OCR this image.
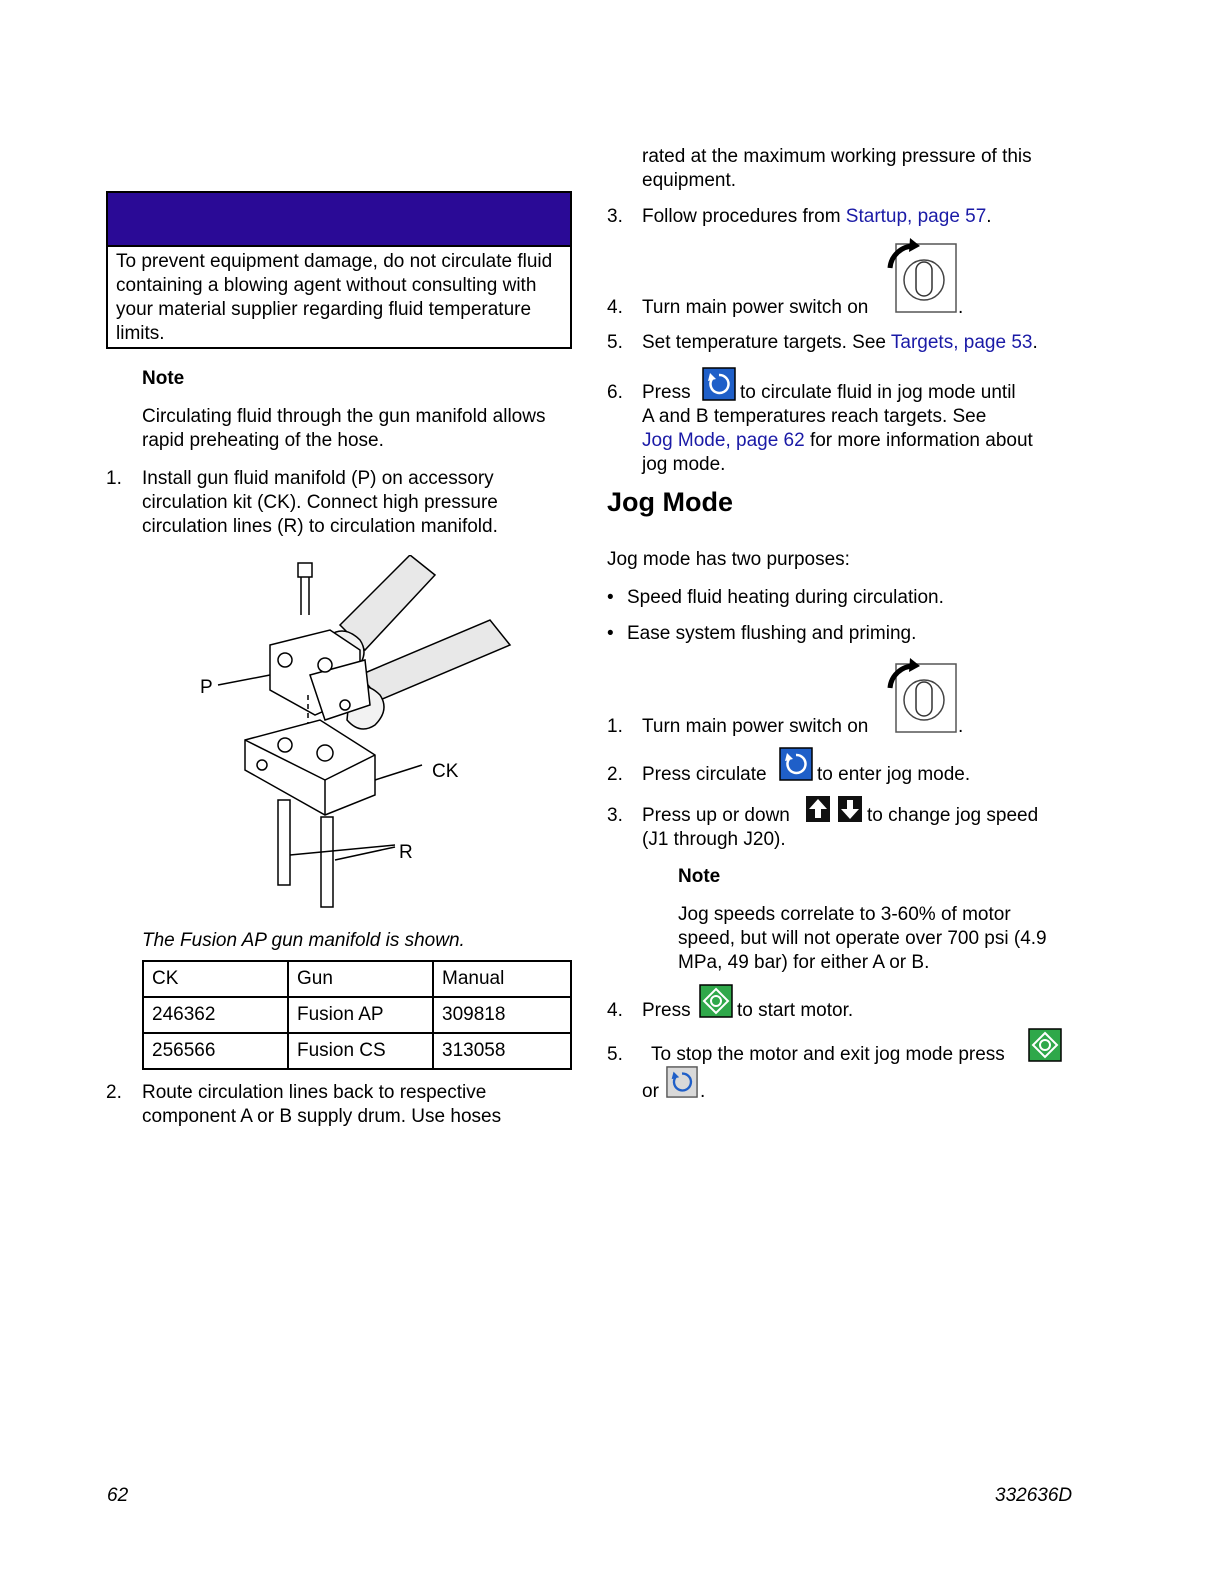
To prevent equipment damage, do not circulate fluid containing a blowing agent without consulting with your material supplier regarding fluid temperature limits.
Note
Circulating fluid through the gun manifold allows rapid preheating of the hose.
1. Install gun fluid manifold (P) on accessory circulation kit (CK). Connect high pressure circulation lines (R) to circulation manifold.
P
CK
R
The Fusion AP gun manifold is shown.
CK	Gun	Manual
246362	Fusion AP	309818
256566	Fusion CS	313058
2. Route circulation lines back to respective component A or B supply drum. Use hoses
rated at the maximum working pressure of this equipment.
3. Follow procedures from Startup, page 57.
4. Turn main power switch on	.
5. Set temperature targets. See Targets, page 53.
6. Press	to circulate fluid in jog mode until
A and B temperatures reach targets. See
Jog Mode, page 62 for more information about
jog mode.
Jog Mode
Jog mode has two purposes:
• Speed fluid heating during circulation.
• Ease system flushing and priming.
1. Turn main power switch on	.
2. Press circulate	to enter jog mode.
3. Press up or down	to change jog speed
(J1 through J20).
Note
Jog speeds correlate to 3-60% of motor speed, but will not operate over 700 psi (4.9 MPa, 49 bar) for either A or B.
4. Press to start motor.
5. To stop the motor and exit jog mode press
or .
62	332636D
